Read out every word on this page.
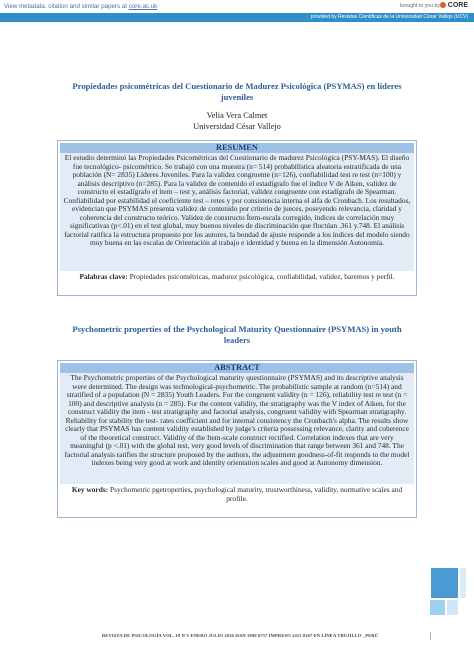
View metadata, citation and similar papers at core.ac.uk	brought to you by	CORE
provided by Revistas Científicas de la Universidad César Vallejo (UCV)
Propiedades psicométricas del Cuestionario de Madurez Psicológica (PSYMAS) en líderes juveniles
Velia Vera Calmet
Universidad César Vallejo
RESUMEN
El estudio determinó las Propiedades Psicométricas del Cuestionario de madurez Psicológica (PSY-MAS). El diseño fue tecnológico- psicométrico. Se trabajó con una muestra (n= 514) probabilística aleatoria estratificada de una población (N= 2835) Líderes Juveniles. Para la validez congruente (n=126), confiabilidad test re test (n=100) y análisis descriptivo (n=285). Para la validez de contenido el estadígrafo fue el índice V de Aiken, validez de constructo el estadígrafo el ítem – test y, análisis factorial, validez congruente con estadígrafo de Spearman. Confiabilidad por estabilidad el coeficiente test – retes y por consistencia interna el alfa de Cronbach. Los resultados, evidencian que PSYMAS presenta validez de contenido por criterio de jueces, poseyendo relevancia, claridad y coherencia del constructo teórico. Validez de constructo Ítem-escala corregido, índices de correlación muy significativas (p<.01) en el test global, muy buenos niveles de discriminación que fluctúan .361 y.748. El análisis factorial ratifica la estructura propuesto por los autores, la bondad de ajuste responde a los índices del modelo siendo muy buena en las escalas de Orientación al trabajo e identidad y buena en la dimensión Autonomía.
Palabras clave: Propiedades psicométricas, madurez psicológica, confiabilidad, validez, baremos y perfil.
Psychometric properties of the Psychological Maturity Questionnaire (PSYMAS) in youth leaders
ABSTRACT
The Psychometric properties of the Psychological maturity questionnaire (PSYMAS) and its descriptive analysis were determined. The design was technological-psychometric. The probabilistic sample at random (n=514) and stratified of a population (N = 2835) Youth Leaders. For the congruent validity (n = 126), reliability test re test (n = 100) and descriptive analysis (n = 285). For the content validity, the stratigraphy was the V index of Aiken, for the construct validity the item - test stratigraphy and factorial analysis, congruent validity with Spearman stratigraphy. Reliability for stability the test- rates coefficient and for internal consistency the Cronbach's alpha. The results show clearly that PSYMAS has content validity established by judge's criteria possessing relevance, clarity and coherence of the theoretical construct. Validity of the Item-scale construct rectified. Correlation indexes that are very meaningful (p <.01) with the global test, very good levels of discrimination that range between 361 and 748. The factorial analysis ratifies the structure proposed by the authors, the adjustment goodness-of-fit responds to the model indexes being very good at work and identity orientation scales and good at Autonomy dimension.
Key words: Psychometric pgetroperties, psychological maturity, trustworthiness, validity, normative scales and profile.
REVISTA DE PSICOLOGÍA VOL. 18 N°1 ENERO JULIO 2016 ISSN 1990 6757 IMPRESO 2411 0167 EN LÍNEA TRUJILLO _PERÚ
